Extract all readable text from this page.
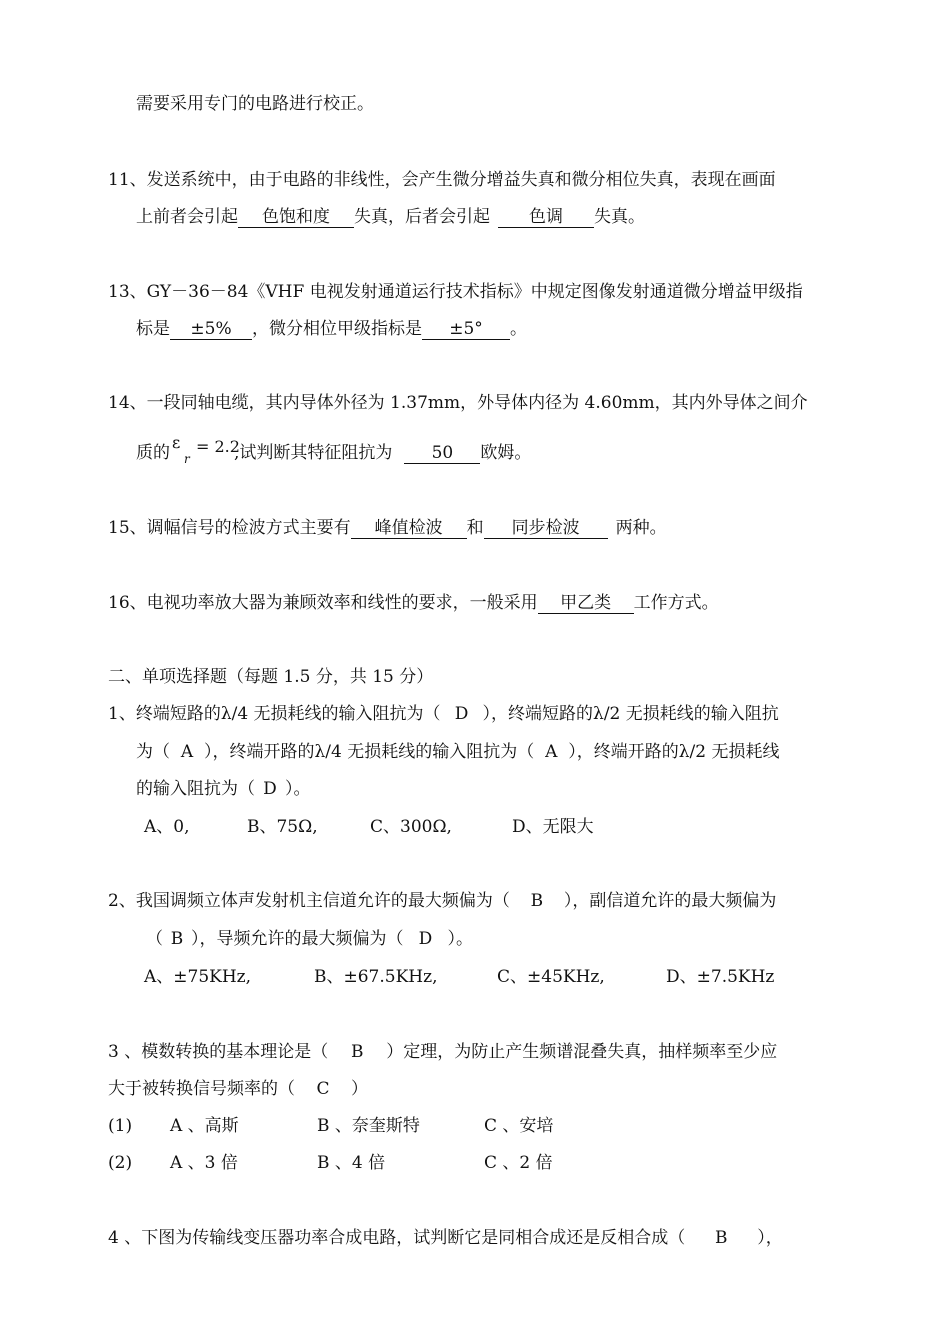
需要采用专门的电路进行校正。
11、发送系统中，由于电路的非线性，会产生微分增益失真和微分相位失真，表现在画面
上前者会引起 色饱和度 失真，后者会引起 色调 失真。
13、GY－36－84《VHF 电视发射通道运行技术指标》中规定图像发射通道微分增益甲级指
标是 ±5% ，微分相位甲级指标是 ±5° 。
14、一段同轴电缆，其内导体外径为 1.37mm，外导体内径为 4.60mm，其内外导体之间介
质的
ε
r
= 2.2
,试判断其特征阻抗为 50 欧姆。
15、调幅信号的检波方式主要有 峰值检波 和 同步检波 两种。
16、电视功率放大器为兼顾效率和线性的要求，一般采用 甲乙类 工作方式。
二、单项选择题（每题 1.5 分，共 15 分）
1、终端短路的λ/4 无损耗线的输入阻抗为（ D ），终端短路的λ/2 无损耗线的输入阻抗
为（ A ），终端开路的λ/4 无损耗线的输入阻抗为（ A ），终端开路的λ/2 无损耗线
的输入阻抗为（ D ）。
A、0,	B、75Ω,	C、300Ω,	D、无限大
2、我国调频立体声发射机主信道允许的最大频偏为（ B ），副信道允许的最大频偏为
（ B ），导频允许的最大频偏为（ D ）。
A、±75KHz,	B、±67.5KHz,	C、±45KHz,	D、±7.5KHz
3 、模数转换的基本理论是（ B ）定理，为防止产生频谱混叠失真，抽样频率至少应
大于被转换信号频率的（ C ）
(1) A 、高斯	B 、奈奎斯特	C 、安培
(2) A 、3 倍	B 、4 倍	C 、2 倍
4 、下图为传输线变压器功率合成电路，试判断它是同相合成还是反相合成（ B ），
